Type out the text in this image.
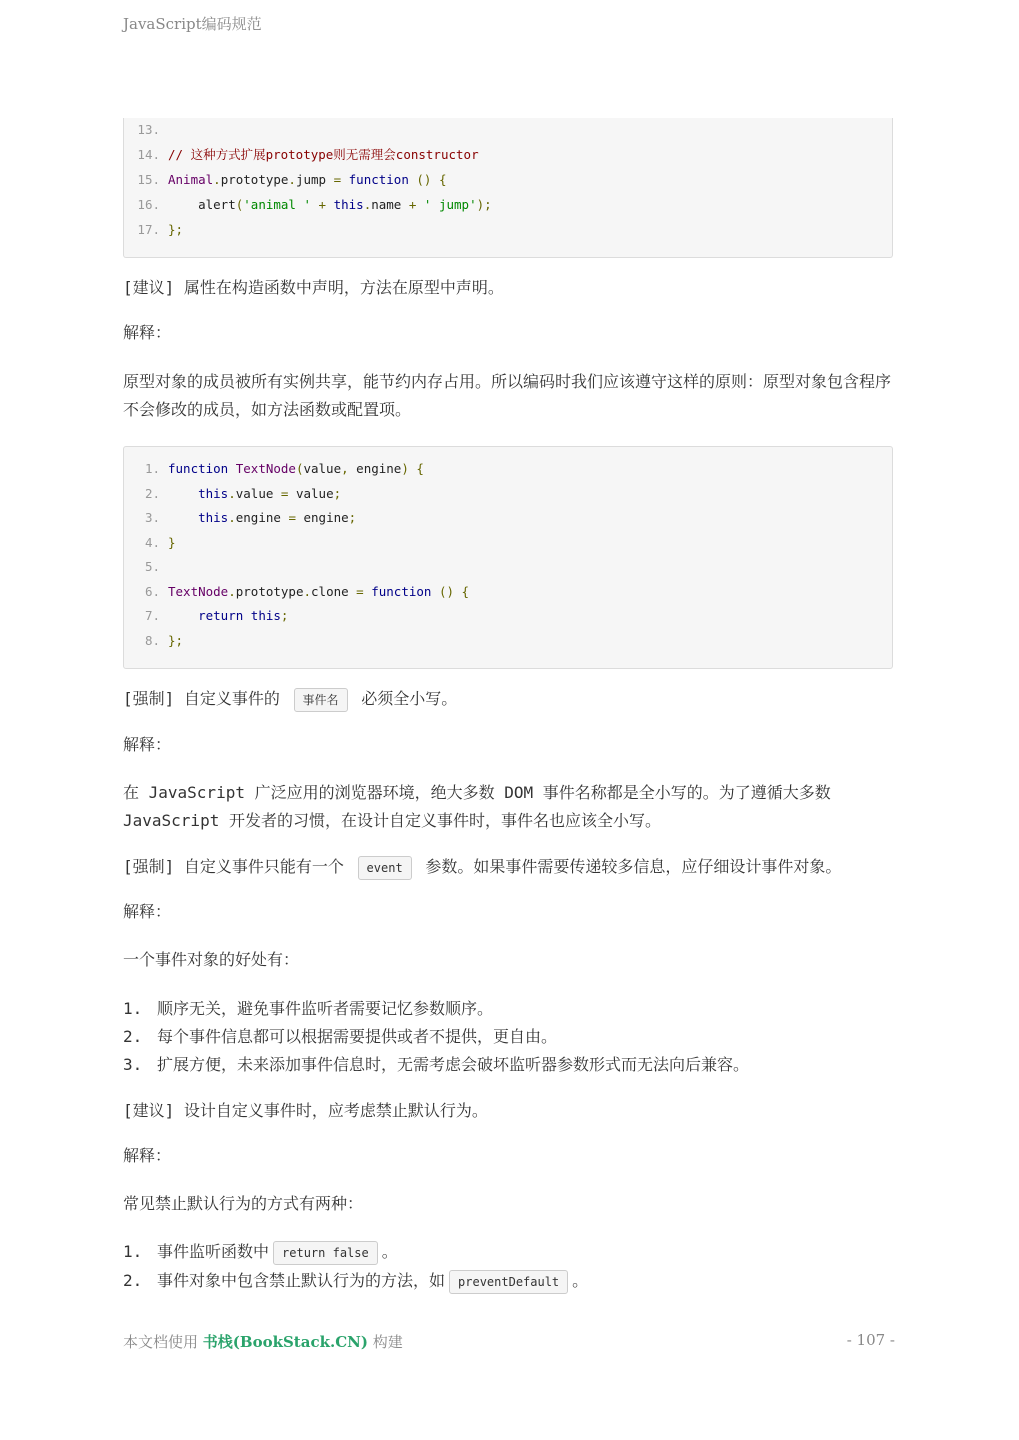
JavaScript编码规范
13.
14. // 这种方式扩展prototype则无需理会constructor
15. Animal.prototype.jump = function () {
16.    alert('animal ' + this.name + ' jump');
17. };
[建议] 属性在构造函数中声明，方法在原型中声明。
解释：
原型对象的成员被所有实例共享，能节约内存占用。所以编码时我们应该遵守这样的原则：原型对象包含程序不会修改的成员，如方法函数或配置项。
1. function TextNode(value, engine) {
2.    this.value = value;
3.    this.engine = engine;
4. }
5.
6. TextNode.prototype.clone = function () {
7.    return this;
8. };
[强制] 自定义事件的 事件名 必须全小写。
解释：
在 JavaScript 广泛应用的浏览器环境，绝大多数 DOM 事件名称都是全小写的。为了遵循大多数 JavaScript 开发者的习惯，在设计自定义事件时，事件名也应该全小写。
[强制] 自定义事件只能有一个 event 参数。如果事件需要传递较多信息，应仔细设计事件对象。
解释：
一个事件对象的好处有：
1. 顺序无关，避免事件监听者需要记忆参数顺序。
2. 每个事件信息都可以根据需要提供或者不提供，更自由。
3. 扩展方便，未来添加事件信息时，无需考虑会破坏监听器参数形式而无法向后兼容。
[建议] 设计自定义事件时，应考虑禁止默认行为。
解释：
常见禁止默认行为的方式有两种：
1. 事件监听函数中 return false 。
2. 事件对象中包含禁止默认行为的方法，如 preventDefault 。
本文档使用 书栈(BookStack.CN) 构建	- 107 -
